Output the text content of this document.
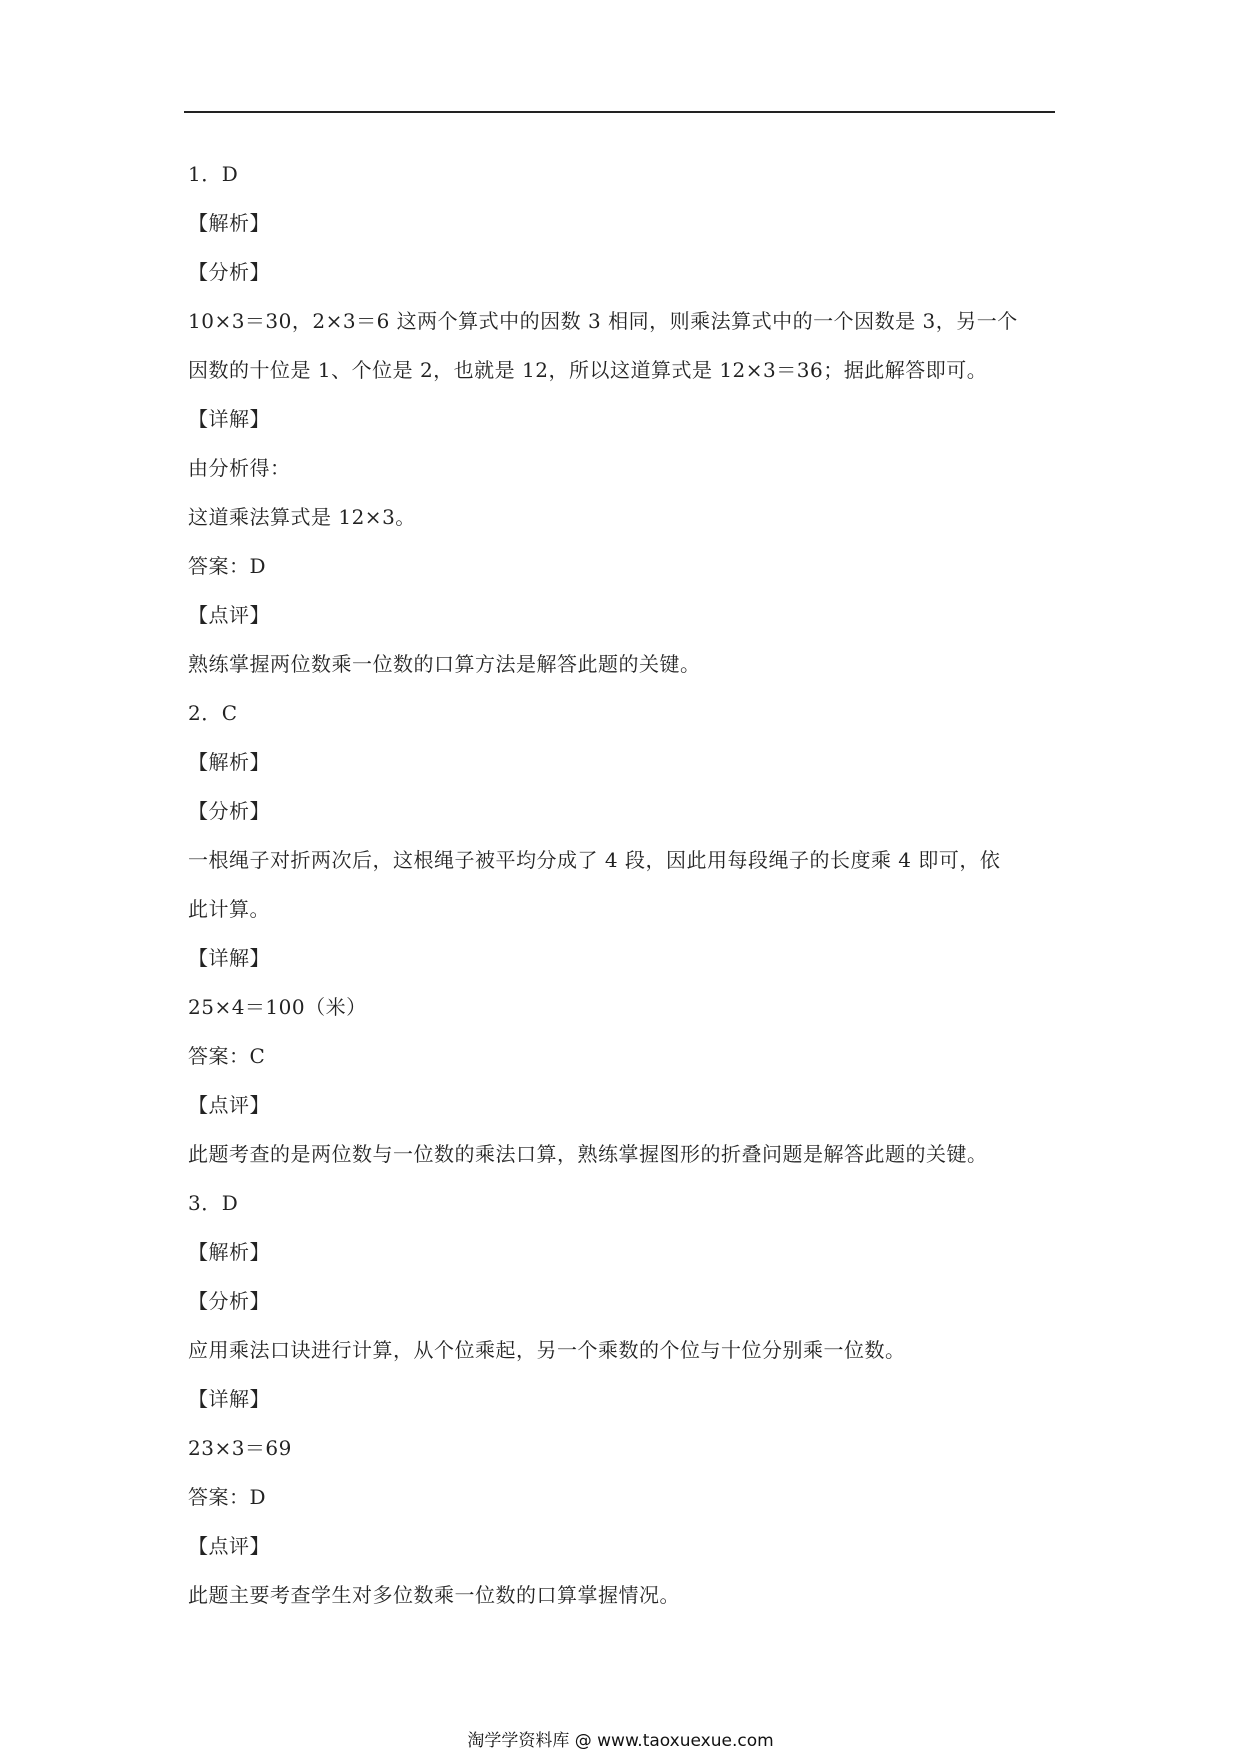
1．D
【解析】
【分析】
10×3＝30，2×3＝6 这两个算式中的因数 3 相同，则乘法算式中的一个因数是 3，另一个
因数的十位是 1、个位是 2，也就是 12，所以这道算式是 12×3＝36；据此解答即可。
【详解】
由分析得：
这道乘法算式是 12×3。
答案：D
【点评】
熟练掌握两位数乘一位数的口算方法是解答此题的关键。
2．C
【解析】
【分析】
一根绳子对折两次后，这根绳子被平均分成了 4 段，因此用每段绳子的长度乘 4 即可，依
此计算。
【详解】
25×4＝100（米）
答案：C
【点评】
此题考查的是两位数与一位数的乘法口算，熟练掌握图形的折叠问题是解答此题的关键。
3．D
【解析】
【分析】
应用乘法口诀进行计算，从个位乘起，另一个乘数的个位与十位分别乘一位数。
【详解】
23×3＝69
答案：D
【点评】
此题主要考查学生对多位数乘一位数的口算掌握情况。
淘学学资料库 @ www.taoxuexue.com
